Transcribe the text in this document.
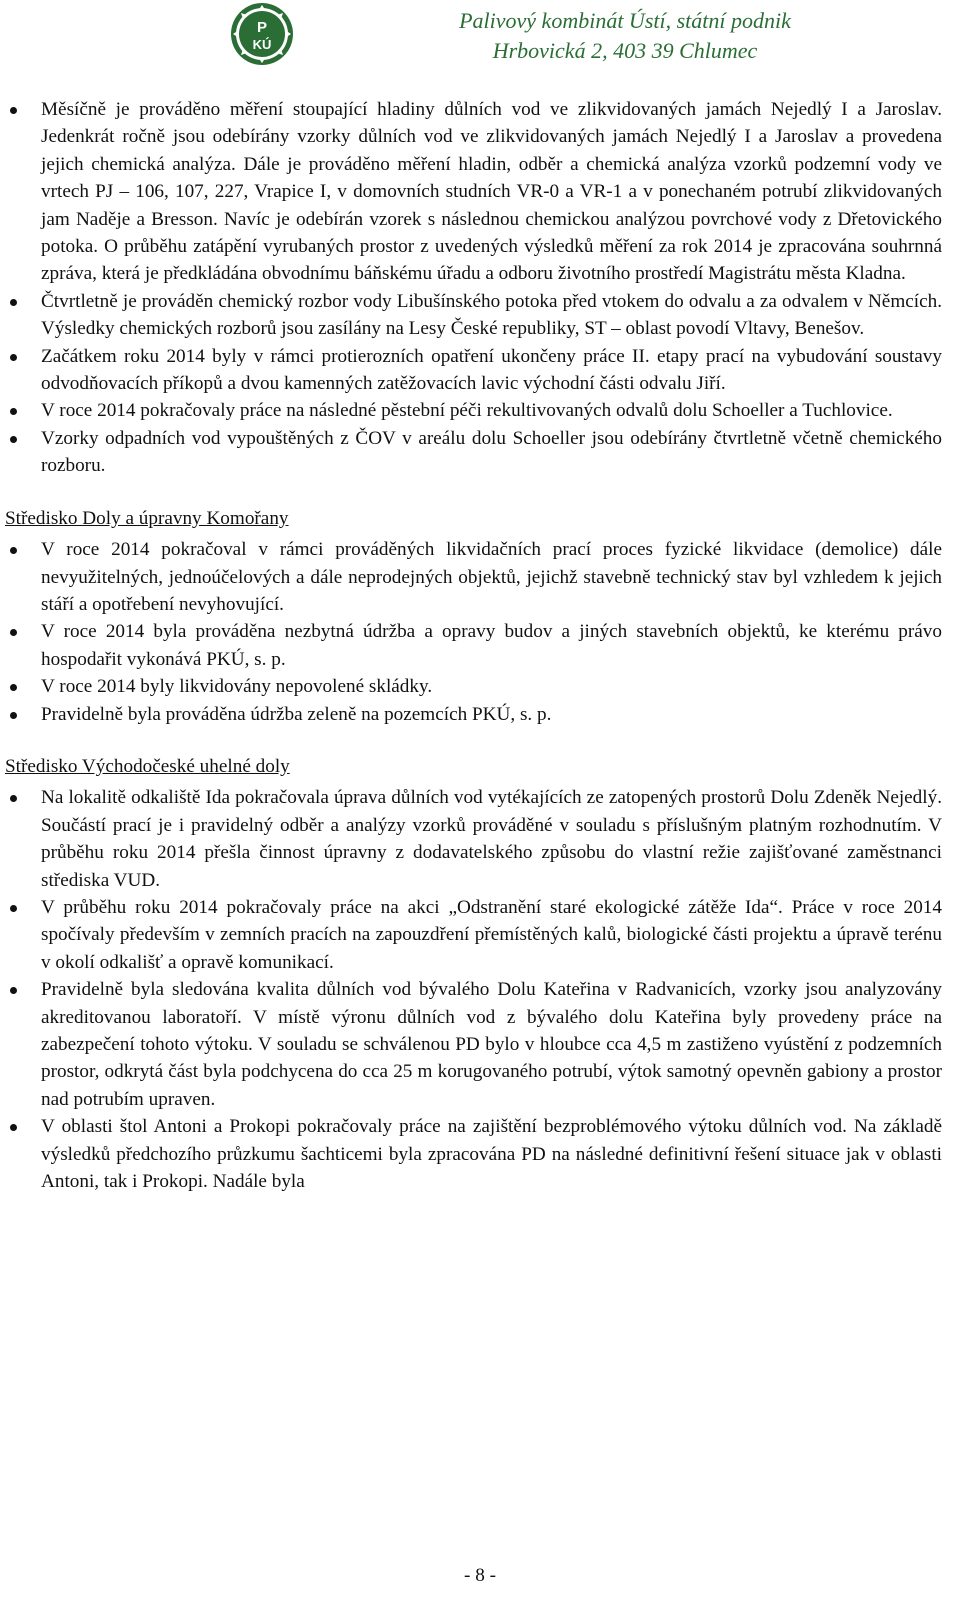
P
KÚ
Palivový kombinát Ústí, státní podnik
Hrbovická 2, 403 39 Chlumec
Měsíčně je prováděno měření stoupající hladiny důlních vod ve zlikvidovaných jamách Nejedlý I a Jaroslav. Jedenkrát ročně jsou odebírány vzorky důlních vod ve zlikvidovaných jamách Nejedlý I a Jaroslav a provedena jejich chemická analýza. Dále je prováděno měření hladin, odběr a chemická analýza vzorků podzemní vody ve vrtech PJ – 106, 107, 227, Vrapice I, v domovních studních VR-0 a VR-1 a v ponechaném potrubí zlikvidovaných jam Naděje a Bresson. Navíc je odebírán vzorek s následnou chemickou analýzou povrchové vody z Dřetovického potoka. O průběhu zatápění vyrubaných prostor z uvedených výsledků měření za rok 2014 je zpracována souhrnná zpráva, která je předkládána obvodnímu báňskému úřadu a odboru životního prostředí Magistrátu města Kladna.
Čtvrtletně je prováděn chemický rozbor vody Libušínského potoka před vtokem do odvalu a za odvalem v Němcích. Výsledky chemických rozborů jsou zasílány na Lesy České republiky, ST – oblast povodí Vltavy, Benešov.
Začátkem roku 2014 byly v rámci protierozních opatření ukončeny práce II. etapy prací na vybudování soustavy odvodňovacích příkopů a dvou kamenných zatěžovacích lavic východní části odvalu Jiří.
V roce 2014 pokračovaly práce na následné pěstební péči rekultivovaných odvalů dolu Schoeller a Tuchlovice.
Vzorky odpadních vod vypouštěných z ČOV v areálu dolu Schoeller jsou odebírány čtvrtletně včetně chemického rozboru.
Středisko Doly a úpravny Komořany
V roce 2014 pokračoval v rámci prováděných likvidačních prací proces fyzické likvidace (demolice) dále nevyužitelných, jednoúčelových a dále neprodejných objektů, jejichž stavebně technický stav byl vzhledem k jejich stáří a opotřebení nevyhovující.
V roce 2014 byla prováděna nezbytná údržba a opravy budov a jiných stavebních objektů, ke kterému právo hospodařit vykonává PKÚ, s. p.
V roce 2014 byly likvidovány nepovolené skládky.
Pravidelně byla prováděna údržba zeleně na pozemcích PKÚ, s. p.
Středisko Východočeské uhelné doly
Na lokalitě odkaliště Ida pokračovala úprava důlních vod vytékajících ze zatopených prostorů Dolu Zdeněk Nejedlý. Součástí prací je i pravidelný odběr a analýzy vzorků prováděné v souladu s příslušným platným rozhodnutím. V průběhu roku 2014 přešla činnost úpravny z dodavatelského způsobu do vlastní režie zajišťované zaměstnanci střediska VUD.
V průběhu roku 2014 pokračovaly práce na akci „Odstranění staré ekologické zátěže Ida“. Práce v roce 2014 spočívaly především v zemních pracích na zapouzdření přemístěných kalů, biologické části projektu a úpravě terénu v okolí odkališť a opravě komunikací.
Pravidelně byla sledována kvalita důlních vod bývalého Dolu Kateřina v Radvanicích, vzorky jsou analyzovány akreditovanou laboratoří. V místě výronu důlních vod z bývalého dolu Kateřina byly provedeny práce na zabezpečení tohoto výtoku. V souladu se schválenou PD bylo v hloubce cca 4,5 m zastiženo vyústění z podzemních prostor, odkrytá část byla podchycena do cca 25 m korugovaného potrubí, výtok samotný opevněn gabiony a prostor nad potrubím upraven.
V oblasti štol Antoni a Prokopi pokračovaly práce na zajištění bezproblémového výtoku důlních vod. Na základě výsledků předchozího průzkumu šachticemi byla zpracována PD na následné definitivní řešení situace jak v oblasti Antoni, tak i Prokopi. Nadále byla
- 8 -
